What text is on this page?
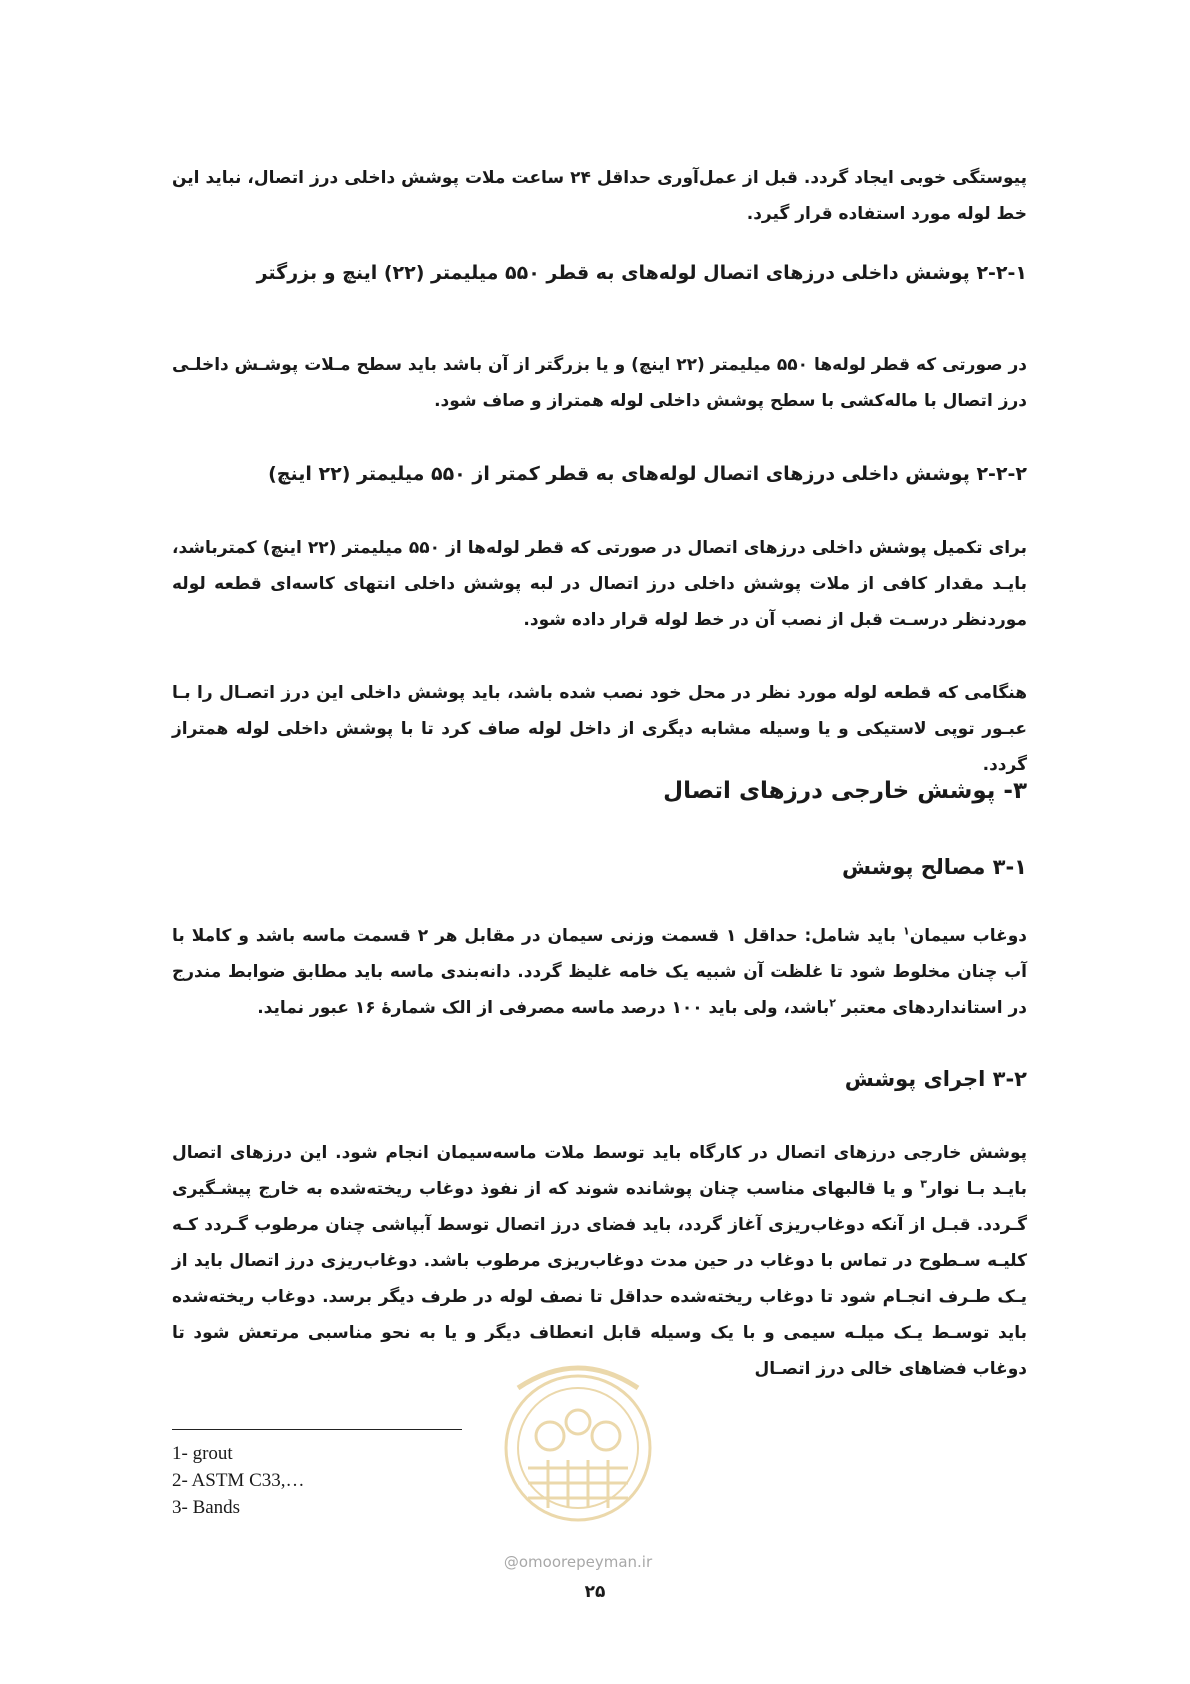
پیوستگی خوبی ایجاد گردد. قبل از عمل‌آوری حداقل ۲۴ ساعت ملات پوشش داخلی درز اتصال، نباید این خط لوله مورد استفاده قرار گیرد.

۲-۲-۱ پوشش داخلی درزهای اتصال لوله‌های به قطر ۵۵۰ میلیمتر (۲۲) اینچ و بزرگتر

در صورتی که قطر لوله‌ها ۵۵۰ میلیمتر (۲۲ اینچ) و یا بزرگتر از آن باشد باید سطح مـلات پوشـش داخلـی درز اتصال با ماله‌کشی با سطح پوشش داخلی لوله همتراز و صاف شود.

۲-۲-۲ پوشش داخلی درزهای اتصال لوله‌های به قطر کمتر از ۵۵۰ میلیمتر (۲۲ اینچ)

برای تکمیل پوشش داخلی درزهای اتصال در صورتی که قطر لوله‌ها از ۵۵۰ میلیمتر (۲۲ اینچ) کمترباشد، بایـد مقدار کافی از ملات پوشش داخلی درز اتصال در لبه پوشش داخلی انتهای کاسه‌ای قطعه لوله موردنظر درسـت قبل از نصب آن در خط لوله قرار داده شود.

هنگامی که قطعه لوله مورد نظر در محل خود نصب شده باشد، باید پوشش داخلی این درز اتصـال را بـا عبـور توپی لاستیکی و یا وسیله مشابه دیگری از داخل لوله صاف کرد تا با پوشش داخلی لوله همتراز گردد.

۳- پوشش خارجی درزهای اتصال
۳-۱ مصالح پوشش

دوغاب سیمان$^۱$ باید شامل: حداقل ۱ قسمت وزنی سیمان در مقابل هر ۲ قسمت ماسه باشد و کاملا با آب چنان مخلوط شود تا غلظت آن شبیه یک خامه غلیظ گردد. دانه‌بندی ماسه باید مطابق ضوابط مندرج در استانداردهای معتبر $^۲$باشد، ولی باید ۱۰۰ درصد ماسه مصرفی از الک شمارۀ ۱۶ عبور نماید.

۳-۲ اجرای پوشش

پوشش خارجی درزهای اتصال در کارگاه باید توسط ملات ماسه‌سیمان انجام شود. این درزهای اتصال بایـد بـا نوار$^۳$ و یا قالبهای مناسب چنان پوشانده شوند که از نفوذ دوغاب ریخته‌شده به خارج پیشـگیری گـردد. قبـل از آنکه دوغاب‌ریزی آغاز گردد، باید فضای درز اتصال توسط آبپاشی چنان مرطوب گـردد کـه کلیـه سـطوح در تماس با دوغاب در حین مدت دوغاب‌ریزی مرطوب باشد. دوغاب‌ریزی درز اتصال باید از یـک طـرف انجـام شود تا دوغاب ریخته‌شده حداقل تا نصف لوله در طرف دیگر برسد. دوغاب ریخته‌شده باید توسـط یـک میلـه سیمی و با یک وسیله قابل انعطاف دیگر و یا به نحو مناسبی مرتعش شود تا دوغاب فضاهای خالی درز اتصـال

1- grout
2- ASTM C33,…
3- Bands
@omoorepeyman.ir
۲۵
